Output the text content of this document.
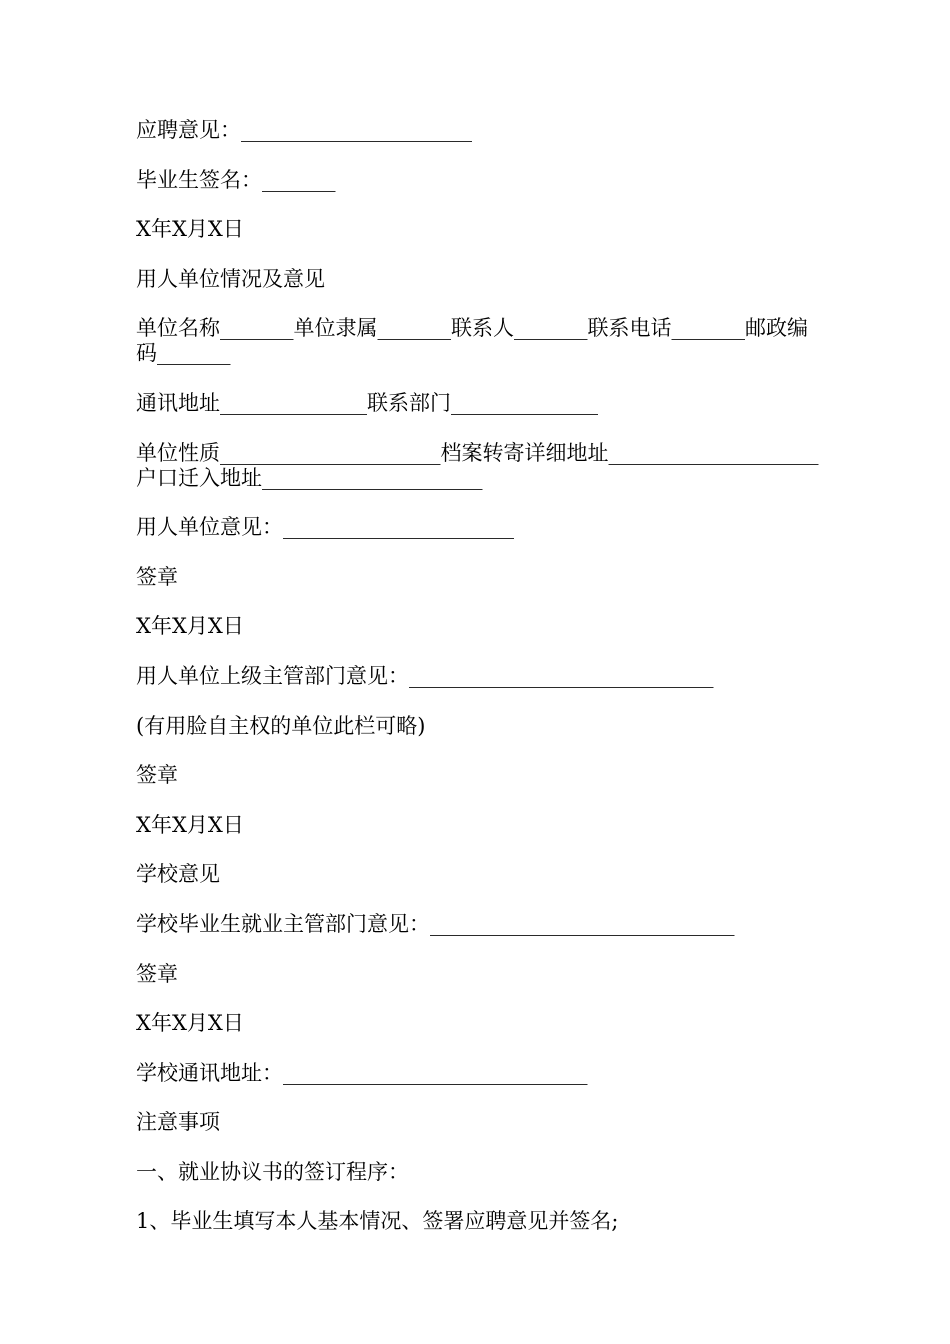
应聘意见：______________________

毕业生签名：_______

X年X月X日

用人单位情况及意见

单位名称_______单位隶属_______联系人_______联系电话_______邮政编码_______

通讯地址______________联系部门______________

单位性质_____________________档案转寄详细地址____________________户口迁入地址_____________________

用人单位意见：______________________

签章

X年X月X日

用人单位上级主管部门意见：_____________________________

(有用脸自主权的单位此栏可略)

签章

X年X月X日

学校意见

学校毕业生就业主管部门意见：_____________________________

签章

X年X月X日

学校通讯地址：_____________________________

注意事项

一、就业协议书的签订程序：

1、毕业生填写本人基本情况、签署应聘意见并签名;
